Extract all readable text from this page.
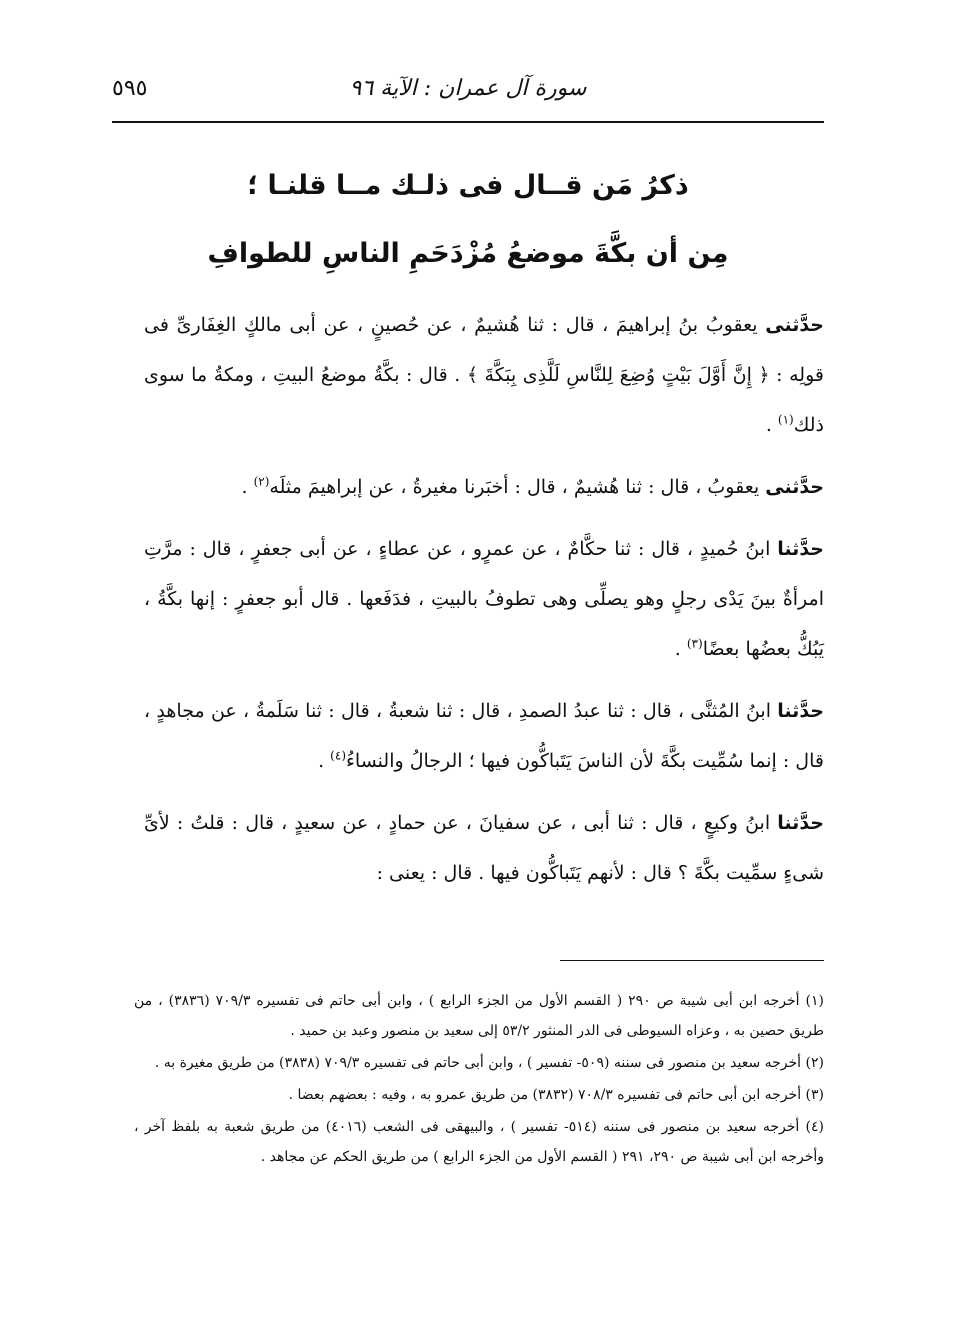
سورة آل عمران : الآية ٩٦
٥٩٥
ذكرُ مَن قــال فى ذلـك مــا قلنـا ؛
مِن أن بكَّةَ موضعُ مُزْدَحَمِ الناسِ للطوافِ

حدَّثنى يعقوبُ بنُ إبراهيمَ ، قال : ثنا هُشيمٌ ، عن حُصينٍ ، عن أبى مالكٍ الغِفَارىِّ فى قولِه : ﴿ إِنَّ أَوَّلَ بَيْتٍ وُضِعَ لِلنَّاسِ لَلَّذِى بِبَكَّةَ ﴾ . قال : بكَّةُ موضعُ البيتِ ، ومكةُ ما سوى ذلك$^{(١)}$ .

حدَّثنى يعقوبُ ، قال : ثنا هُشيمٌ ، قال : أخبَرنا مغيرةُ ، عن إبراهيمَ مثلَه$^{(٢)}$ .

حدَّثنا ابنُ حُميدٍ ، قال : ثنا حكَّامٌ ، عن عمرٍو ، عن عطاءٍ ، عن أبى جعفرٍ ، قال : مرَّتِ امرأةٌ بينَ يَدْى رجلٍ وهو يصلِّى وهى تطوفُ بالبيتِ ، فدَفَعها . قال أبو جعفرٍ : إنها بكَّةُ ، يَبُكُّ بعضُها بعضًا$^{(٣)}$ .

حدَّثنا ابنُ المُثنَّى ، قال : ثنا عبدُ الصمدِ ، قال : ثنا شعبةُ ، قال : ثنا سَلَمةُ ، عن مجاهدٍ ، قال : إنما سُمِّيت بكَّةَ لأن الناسَ يَتَباكُّون فيها ؛ الرجالُ والنساءُ$^{(٤)}$ .

حدَّثنا ابنُ وكيعٍ ، قال : ثنا أبى ، عن سفيانَ ، عن حمادٍ ، عن سعيدٍ ، قال : قلتُ : لأىِّ شىءٍ سمِّيت بكَّةَ ؟ قال : لأنهم يَتَباكُّون فيها . قال : يعنى :

(١) أخرجه ابن أبى شيبة ص ٢٩٠ ( القسم الأول من الجزء الرابع ) ، وابن أبى حاتم فى تفسيره ٧٠٩/٣ (٣٨٣٦) ، من طريق حصين به ، وعزاه السيوطى فى الدر المنثور ٥٣/٢ إلى سعيد بن منصور وعبد بن حميد .

(٢) أخرجه سعيد بن منصور فى سننه (٥٠٩- تفسير ) ، وابن أبى حاتم فى تفسيره ٧٠٩/٣ (٣٨٣٨) من طريق مغيرة به .

(٣) أخرجه ابن أبى حاتم فى تفسيره ٧٠٨/٣ (٣٨٣٢) من طريق عمرو به ، وفيه : بعضهم بعضا .

(٤) أخرجه سعيد بن منصور فى سننه (٥١٤- تفسير ) ، والبيهقى فى الشعب (٤٠١٦) من طريق شعبة به بلفظ آخر ، وأخرجه ابن أبى شيبة ص ٢٩٠، ٢٩١ ( القسم الأول من الجزء الرابع ) من طريق الحكم عن مجاهد .
